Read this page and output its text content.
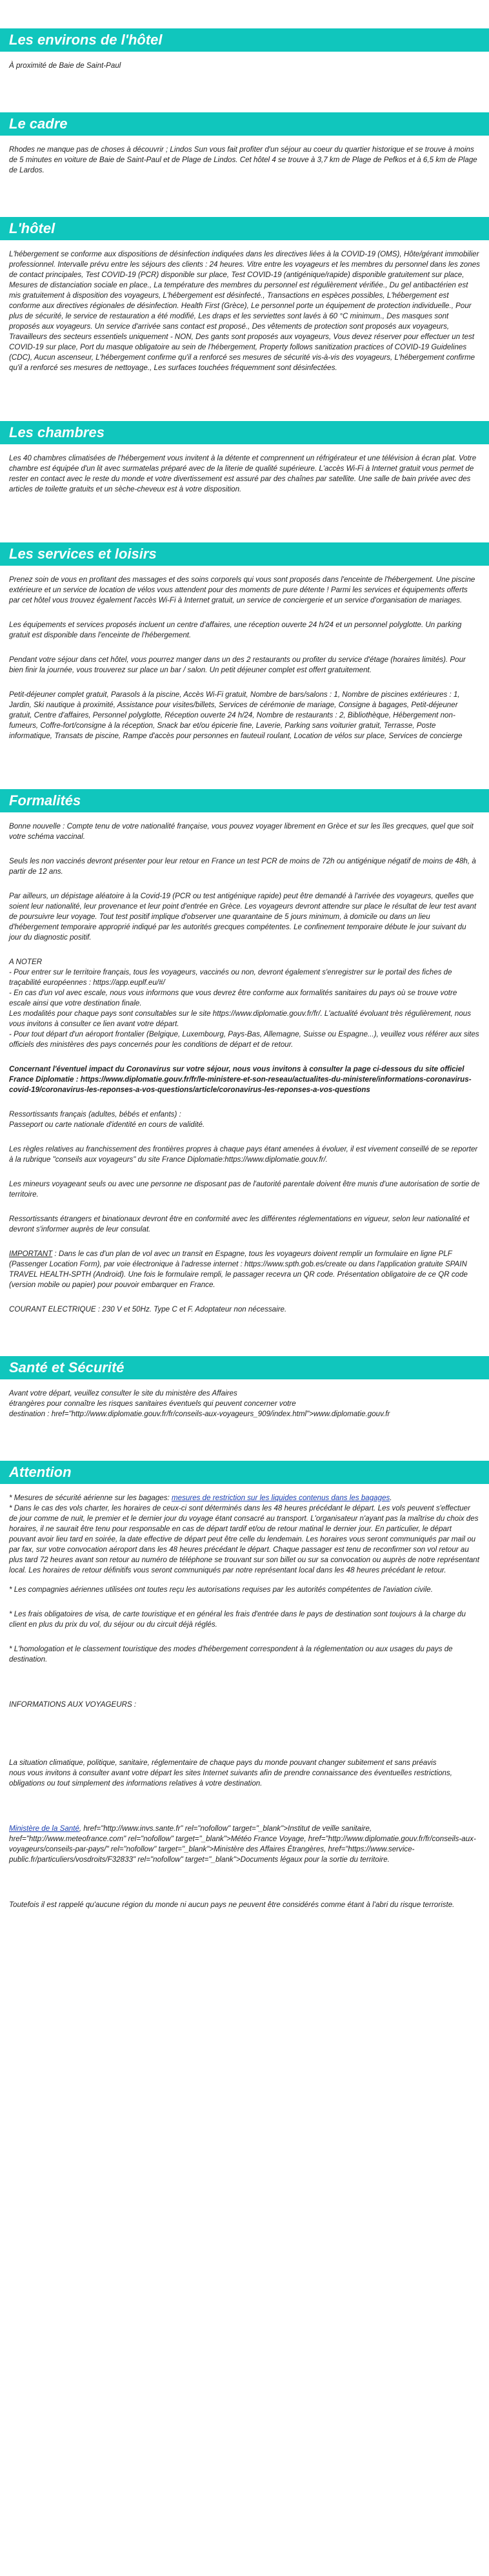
Les environs de l'hôtel

À proximité de Baie de Saint-Paul

Le cadre

Rhodes ne manque pas de choses à découvrir ; Lindos Sun vous fait profiter d'un séjour au coeur du quartier historique et se trouve à moins de 5 minutes en voiture de Baie de Saint-Paul et de Plage de Lindos. Cet hôtel 4 se trouve à 3,7 km de Plage de Pefkos et à 6,5 km de Plage de Lardos.

L'hôtel

L'hébergement se conforme aux dispositions de désinfection indiquées dans les directives liées à la COVID-19 (OMS), Hôte/gérant immobilier professionnel. Intervalle prévu entre les séjours des clients : 24 heures. Vitre entre les voyageurs et les membres du personnel dans les zones de contact principales, Test COVID-19 (PCR) disponible sur place, Test COVID-19 (antigénique/rapide) disponible gratuitement sur place, Mesures de distanciation sociale en place., La température des membres du personnel est régulièrement vérifiée., Du gel antibactérien est mis gratuitement à disposition des voyageurs, L'hébergement est désinfecté., Transactions en espèces possibles, L'hébergement est conforme aux directives régionales de désinfection. Health First (Grèce), Le personnel porte un équipement de protection individuelle., Pour plus de sécurité, le service de restauration a été modifié, Les draps et les serviettes sont lavés à 60 °C minimum., Des masques sont proposés aux voyageurs. Un service d'arrivée sans contact est proposé., Des vêtements de protection sont proposés aux voyageurs, Travailleurs des secteurs essentiels uniquement - NON, Des gants sont proposés aux voyageurs, Vous devez réserver pour effectuer un test COVID-19 sur place, Port du masque obligatoire au sein de l'hébergement, Property follows sanitization practices of COVID-19 Guidelines (CDC), Aucun ascenseur, L'hébergement confirme qu'il a renforcé ses mesures de sécurité vis-à-vis des voyageurs, L'hébergement confirme qu'il a renforcé ses mesures de nettoyage., Les surfaces touchées fréquemment sont désinfectées.

Les chambres

Les 40 chambres climatisées de l'hébergement vous invitent à la détente et comprennent un réfrigérateur et une télévision à écran plat. Votre chambre est équipée d'un lit avec surmatelas préparé avec de la literie de qualité supérieure. L'accès Wi-Fi à Internet gratuit vous permet de rester en contact avec le reste du monde et votre divertissement est assuré par des chaînes par satellite. Une salle de bain privée avec des articles de toilette gratuits et un sèche-cheveux est à votre disposition.

Les services et loisirs

Prenez soin de vous en profitant des massages et des soins corporels qui vous sont proposés dans l'enceinte de l'hébergement. Une piscine extérieure et un service de location de vélos vous attendent pour des moments de pure détente ! Parmi les services et équipements offerts par cet hôtel vous trouvez également l'accès Wi-Fi à Internet gratuit, un service de conciergerie et un service d'organisation de mariages.

Les équipements et services proposés incluent un centre d'affaires, une réception ouverte 24 h/24 et un personnel polyglotte. Un parking gratuit est disponible dans l'enceinte de l'hébergement.

Pendant votre séjour dans cet hôtel, vous pourrez manger dans un des 2 restaurants ou profiter du service d'étage (horaires limités). Pour bien finir la journée, vous trouverez sur place un bar / salon. Un petit déjeuner complet est offert gratuitement.

Petit-déjeuner complet gratuit, Parasols à la piscine, Accès Wi-Fi gratuit, Nombre de bars/salons : 1, Nombre de piscines extérieures : 1, Jardin, Ski nautique à proximité, Assistance pour visites/billets, Services de cérémonie de mariage, Consigne à bagages, Petit-déjeuner gratuit, Centre d'affaires, Personnel polyglotte, Réception ouverte 24 h/24, Nombre de restaurants : 2, Bibliothèque, Hébergement non-fumeurs, Coffre-fort/consigne à la réception, Snack bar et/ou épicerie fine, Laverie, Parking sans voiturier gratuit, Terrasse, Poste informatique, Transats de piscine, Rampe d'accès pour personnes en fauteuil roulant, Location de vélos sur place, Services de concierge

Formalités

Bonne nouvelle : Compte tenu de votre nationalité française, vous pouvez voyager librement en Grèce et sur les îles grecques, quel que soit votre schéma vaccinal.

Seuls les non vaccinés devront présenter pour leur retour en France un test PCR de moins de 72h ou antigénique négatif de moins de 48h, à partir de 12 ans.

Par ailleurs, un dépistage aléatoire à la Covid-19 (PCR ou test antigénique rapide) peut être demandé à l'arrivée des voyageurs, quelles que soient leur nationalité, leur provenance et leur point d'entrée en Grèce. Les voyageurs devront attendre sur place le résultat de leur test avant de poursuivre leur voyage. Tout test positif implique d'observer une quarantaine de 5 jours minimum, à domicile ou dans un lieu d'hébergement temporaire approprié indiqué par les autorités grecques compétentes. Le confinement temporaire débute le jour suivant du jour du diagnostic positif.

A NOTER
- Pour entrer sur le territoire français, tous les voyageurs, vaccinés ou non, devront également s'enregistrer sur le portail des fiches de traçabilité européennes : https://app.euplf.eu/#/
- En cas d'un vol avec escale, nous vous informons que vous devrez être conforme aux formalités sanitaires du pays où se trouve votre escale ainsi que votre destination finale.
Les modalités pour chaque pays sont consultables sur le site https://www.diplomatie.gouv.fr/fr/. L'actualité évoluant très régulièrement, nous vous invitons à consulter ce lien avant votre départ.
- Pour tout départ d'un aéroport frontalier (Belgique, Luxembourg, Pays-Bas, Allemagne, Suisse ou Espagne...), veuillez vous référer aux sites officiels des ministères des pays concernés pour les conditions de départ et de retour.

Concernant l'éventuel impact du Coronavirus sur votre séjour, nous vous invitons à consulter la page ci-dessous du site officiel France Diplomatie : https://www.diplomatie.gouv.fr/fr/le-ministere-et-son-reseau/actualites-du-ministere/informations-coronavirus-covid-19/coronavirus-les-reponses-a-vos-questions/article/coronavirus-les-reponses-a-vos-questions

Ressortissants français (adultes, bébés et enfants) :
Passeport ou carte nationale d'identité en cours de validité.

Les règles relatives au franchissement des frontières propres à chaque pays étant amenées à évoluer, il est vivement conseillé de se reporter à la rubrique "conseils aux voyageurs" du site France Diplomatie:https://www.diplomatie.gouv.fr/.

Les mineurs voyageant seuls ou avec une personne ne disposant pas de l'autorité parentale doivent être munis d'une autorisation de sortie de territoire.

Ressortissants étrangers et binationaux devront être en conformité avec les différentes réglementations en vigueur, selon leur nationalité et devront s'informer auprès de leur consulat.

IMPORTANT : Dans le cas d'un plan de vol avec un transit en Espagne, tous les voyageurs doivent remplir un formulaire en ligne PLF (Passenger Location Form), par voie électronique à l'adresse internet : https://www.spth.gob.es/create ou dans l'application gratuite SPAIN TRAVEL HEALTH-SPTH (Android). Une fois le formulaire rempli, le passager recevra un QR code. Présentation obligatoire de ce QR code (version mobile ou papier) pour pouvoir embarquer en France.

COURANT ELECTRIQUE : 230 V et 50Hz. Type C et F. Adoptateur non nécessaire.

Santé et Sécurité

Avant votre départ, veuillez consulter le site du ministère des Affaires
étrangères pour connaître les risques sanitaires éventuels qui peuvent concerner votre
destination : href="http://www.diplomatie.gouv.fr/fr/conseils-aux-voyageurs_909/index.html">www.diplomatie.gouv.fr

Attention

* Mesures de sécurité aérienne sur les bagages: mesures de restriction sur les liquides contenus dans les bagages.

* Dans le cas des vols charter, les horaires de ceux-ci sont déterminés dans les 48 heures précédant le départ. Les vols peuvent s'effectuer de jour comme de nuit, le premier et le dernier jour du voyage étant consacré au transport. L'organisateur n'ayant pas la maîtrise du choix des horaires, il ne saurait être tenu pour responsable en cas de départ tardif et/ou de retour matinal le dernier jour. En particulier, le départ pouvant avoir lieu tard en soirée, la date effective de départ peut être celle du lendemain. Les horaires vous seront communiqués par mail ou par fax, sur votre convocation aéroport dans les 48 heures précédant le départ. Chaque passager est tenu de reconfirmer son vol retour au plus tard 72 heures avant son retour au numéro de téléphone se trouvant sur son billet ou sur sa convocation ou auprès de notre représentant local. Les horaires de retour définitifs vous seront communiqués par notre représentant local dans les 48 heures précédant le retour.

* Les compagnies aériennes utilisées ont toutes reçu les autorisations requises par les autorités compétentes de l'aviation civile.

* Les frais obligatoires de visa, de carte touristique et en général les frais d'entrée dans le pays de destination sont toujours à la charge du client en plus du prix du vol, du séjour ou du circuit déjà réglés.

* L'homologation et le classement touristique des modes d'hébergement correspondent à la réglementation ou aux usages du pays de destination.

INFORMATIONS AUX VOYAGEURS :

La situation climatique, politique, sanitaire, réglementaire de chaque pays du monde pouvant changer subitement et sans préavis
nous vous invitons à consulter avant votre départ les sites Internet suivants afin de prendre connaissance des éventuelles restrictions, obligations ou tout simplement des informations relatives à votre destination.

Ministère de la Santé, href="http://www.invs.sante.fr" rel="nofollow" target="_blank">Institut de veille sanitaire, href="http://www.meteofrance.com" rel="nofollow" target="_blank">Météo France Voyage, href="http://www.diplomatie.gouv.fr/fr/conseils-aux-voyageurs/conseils-par-pays/" rel="nofollow" target="_blank">Ministère des Affaires Étrangères, href="https://www.service-public.fr/particuliers/vosdroits/F32833" rel="nofollow" target="_blank">Documents légaux pour la sortie du territoire.

Toutefois il est rappelé qu'aucune région du monde ni aucun pays ne peuvent être considérés comme étant à l'abri du risque terroriste.
